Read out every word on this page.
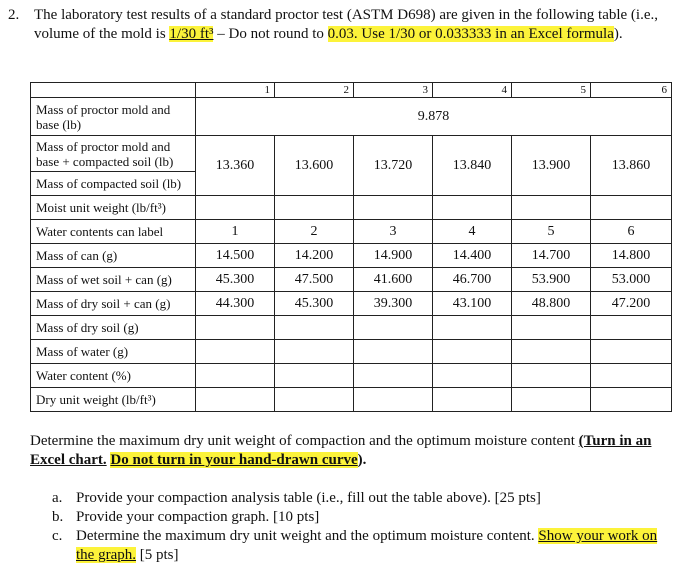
2. The laboratory test results of a standard proctor test (ASTM D698) are given in the following table (i.e., volume of the mold is 1/30 ft³ – Do not round to 0.03. Use 1/30 or 0.033333 in an Excel formula).
	1	2	3	4	5	6
Mass of proctor mold and base (lb)	9.878					
Mass of proctor mold and base + compacted soil (lb)	13.360	13.600	13.720	13.840	13.900	13.860
Mass of compacted soil (lb)						
Moist unit weight (lb/ft³)						
Water contents can label	1	2	3	4	5	6
Mass of can (g)	14.500	14.200	14.900	14.400	14.700	14.800
Mass of wet soil + can (g)	45.300	47.500	41.600	46.700	53.900	53.000
Mass of dry soil + can (g)	44.300	45.300	39.300	43.100	48.800	47.200
Mass of dry soil (g)						
Mass of water (g)						
Water content (%)						
Dry unit weight (lb/ft³)						
Determine the maximum dry unit weight of compaction and the optimum moisture content (Turn in an Excel chart. Do not turn in your hand-drawn curve).
a. Provide your compaction analysis table (i.e., fill out the table above). [25 pts]
b. Provide your compaction graph. [10 pts]
c. Determine the maximum dry unit weight and the optimum moisture content. Show your work on the graph. [5 pts]
